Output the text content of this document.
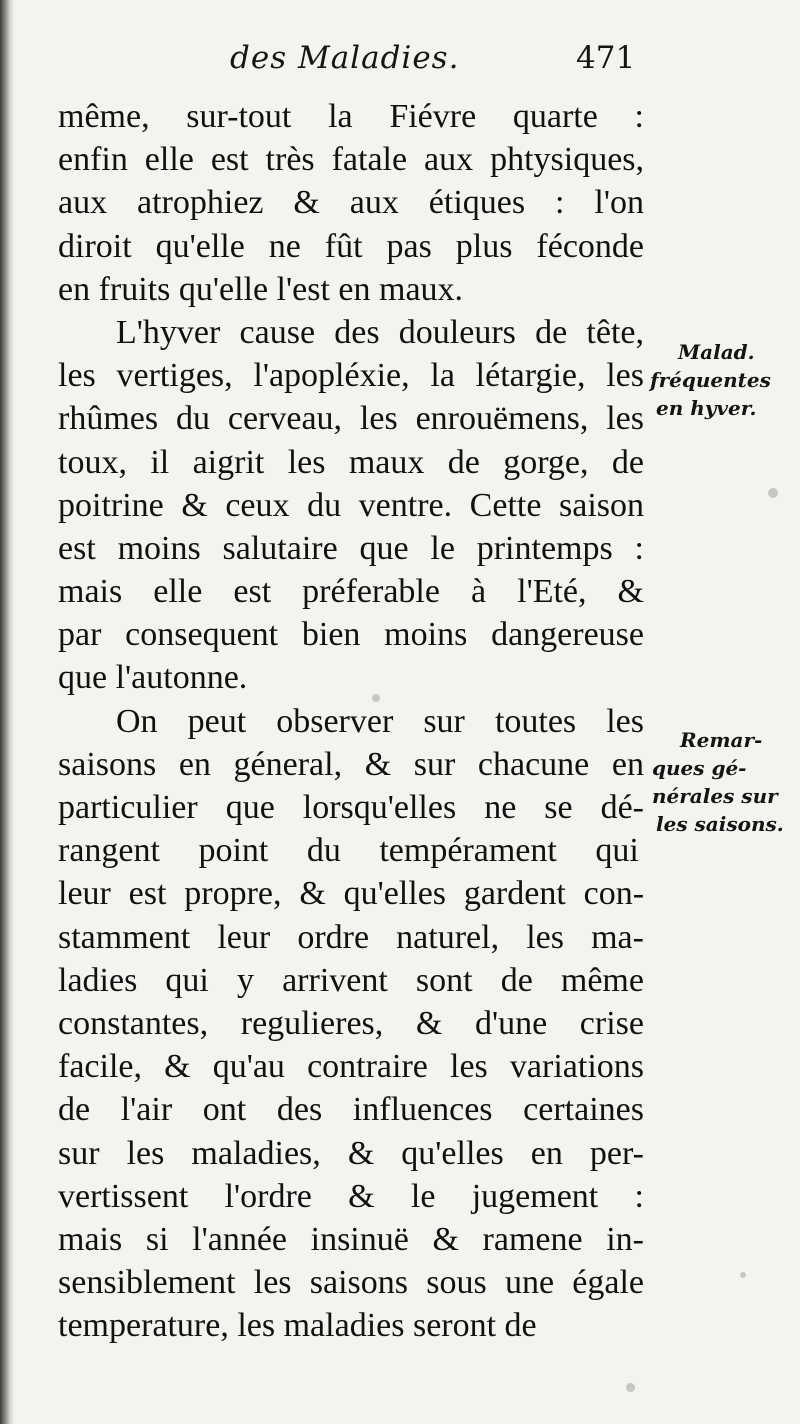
des Maladies.	471
même, sur-tout la Fiévre quarte :
enfin elle est très fatale aux phtysiques,
aux atrophiez & aux étiques : l'on
diroit qu'elle ne fût pas plus féconde
en fruits qu'elle l'est en maux.
L'hyver cause des douleurs de tête,
les vertiges, l'apopléxie, la létargie, les
rhûmes du cerveau, les enrouëmens, les
toux, il aigrit les maux de gorge, de
poitrine & ceux du ventre. Cette saison
est moins salutaire que le printemps :
mais elle est préferable à l'Eté, &
par consequent bien moins dangereuse
que l'autonne.
On peut observer sur toutes les
saisons en géneral, & sur chacune en
particulier que lorsqu'elles ne se dé-
rangent point du tempérament qui
leur est propre, & qu'elles gardent con-
stamment leur ordre naturel, les ma-
ladies qui y arrivent sont de même
constantes, regulieres, & d'une crise
facile, & qu'au contraire les variations
de l'air ont des influences certaines
sur les maladies, & qu'elles en per-
vertissent l'ordre & le jugement :
mais si l'année insinuë & ramene in-
sensiblement les saisons sous une égale
temperature, les maladies seront de
Malad.
fréquentes
en hyver.
Remar-
ques gé-
nérales sur
les saisons.
